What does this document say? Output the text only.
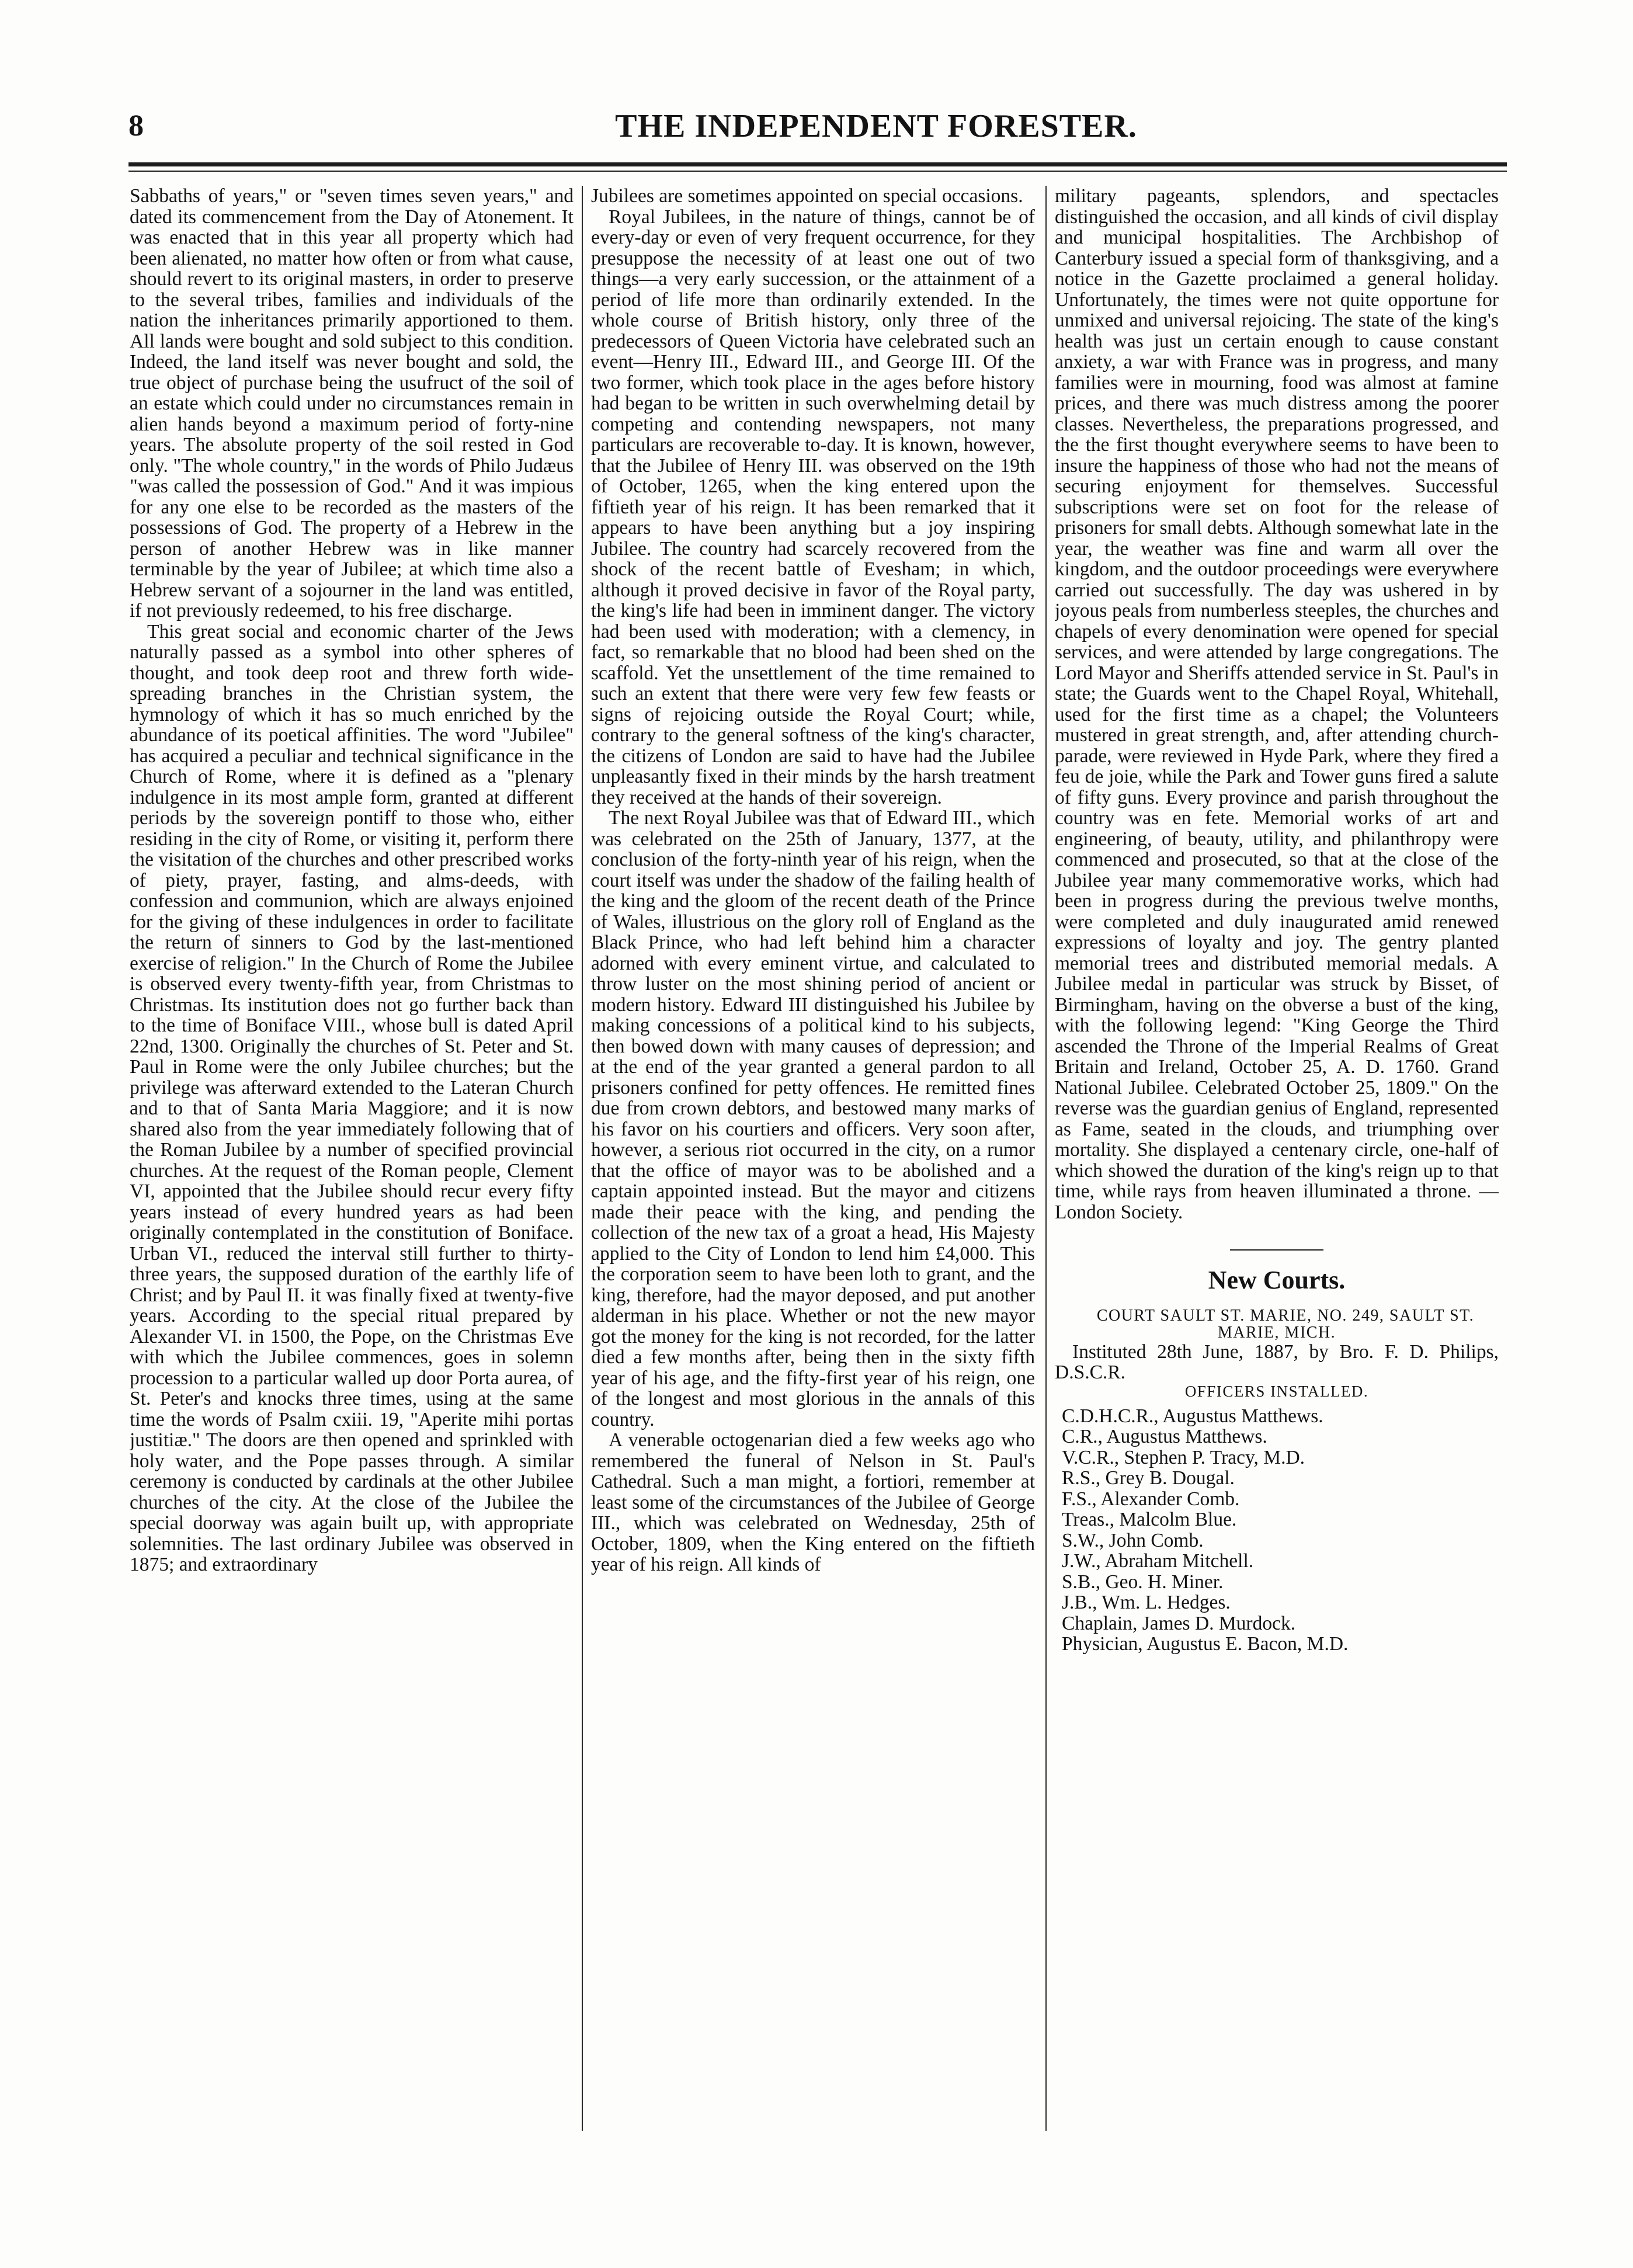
8	THE INDEPENDENT FORESTER.

Sabbaths of years," or "seven times seven years," and dated its commencement from the Day of Atonement. It was enacted that in this year all property which had been alienated, no matter how often or from what cause, should revert to its original masters, in order to preserve to the several tribes, families and individuals of the nation the inheritances primarily apportioned to them. All lands were bought and sold subject to this condition. Indeed, the land itself was never bought and sold, the true object of purchase being the usufruct of the soil of an estate which could under no circumstances remain in alien hands beyond a maximum period of forty-nine years. The absolute property of the soil rested in God only. "The whole country," in the words of Philo Judæus "was called the possession of God." And it was impious for any one else to be recorded as the masters of the possessions of God. The property of a Hebrew in the person of another Hebrew was in like manner terminable by the year of Jubilee; at which time also a Hebrew servant of a sojourner in the land was entitled, if not previously redeemed, to his free discharge.

This great social and economic charter of the Jews naturally passed as a symbol into other spheres of thought, and took deep root and threw forth wide-spreading branches in the Christian system, the hymnology of which it has so much enriched by the abundance of its poetical affinities. The word "Jubilee" has acquired a peculiar and technical significance in the Church of Rome, where it is defined as a "plenary indulgence in its most ample form, granted at different periods by the sovereign pontiff to those who, either residing in the city of Rome, or visiting it, perform there the visitation of the churches and other prescribed works of piety, prayer, fasting, and alms-deeds, with confession and communion, which are always enjoined for the giving of these indulgences in order to facilitate the return of sinners to God by the last-mentioned exercise of religion." In the Church of Rome the Jubilee is observed every twenty-fifth year, from Christmas to Christmas. Its institution does not go further back than to the time of Boniface VIII., whose bull is dated April 22nd, 1300. Originally the churches of St. Peter and St. Paul in Rome were the only Jubilee churches; but the privilege was afterward extended to the Lateran Church and to that of Santa Maria Maggiore; and it is now shared also from the year immediately following that of the Roman Jubilee by a number of specified provincial churches. At the request of the Roman people, Clement VI, appointed that the Jubilee should recur every fifty years instead of every hundred years as had been originally contemplated in the constitution of Boniface. Urban VI., reduced the interval still further to thirty-three years, the supposed duration of the earthly life of Christ; and by Paul II. it was finally fixed at twenty-five years. According to the special ritual prepared by Alexander VI. in 1500, the Pope, on the Christmas Eve with which the Jubilee commences, goes in solemn procession to a particular walled up door Porta aurea, of St. Peter's and knocks three times, using at the same time the words of Psalm cxiii. 19, "Aperite mihi portas justitiæ." The doors are then opened and sprinkled with holy water, and the Pope passes through. A similar ceremony is conducted by cardinals at the other Jubilee churches of the city. At the close of the Jubilee the special doorway was again built up, with appropriate solemnities. The last ordinary Jubilee was observed in 1875; and extraordinary

Jubilees are sometimes appointed on special occasions.

Royal Jubilees, in the nature of things, cannot be of every-day or even of very frequent occurrence, for they presuppose the necessity of at least one out of two things—a very early succession, or the attainment of a period of life more than ordinarily extended. In the whole course of British history, only three of the predecessors of Queen Victoria have celebrated such an event—Henry III., Edward III., and George III. Of the two former, which took place in the ages before history had began to be written in such overwhelming detail by competing and contending newspapers, not many particulars are recoverable to-day. It is known, however, that the Jubilee of Henry III. was observed on the 19th of October, 1265, when the king entered upon the fiftieth year of his reign. It has been remarked that it appears to have been anything but a joy inspiring Jubilee. The country had scarcely recovered from the shock of the recent battle of Evesham; in which, although it proved decisive in favor of the Royal party, the king's life had been in imminent danger. The victory had been used with moderation; with a clemency, in fact, so remarkable that no blood had been shed on the scaffold. Yet the unsettlement of the time remained to such an extent that there were very few few feasts or signs of rejoicing outside the Royal Court; while, contrary to the general softness of the king's character, the citizens of London are said to have had the Jubilee unpleasantly fixed in their minds by the harsh treatment they received at the hands of their sovereign.

The next Royal Jubilee was that of Edward III., which was celebrated on the 25th of January, 1377, at the conclusion of the forty-ninth year of his reign, when the court itself was under the shadow of the failing health of the king and the gloom of the recent death of the Prince of Wales, illustrious on the glory roll of England as the Black Prince, who had left behind him a character adorned with every eminent virtue, and calculated to throw luster on the most shining period of ancient or modern history. Edward III distinguished his Jubilee by making concessions of a political kind to his subjects, then bowed down with many causes of depression; and at the end of the year granted a general pardon to all prisoners confined for petty offences. He remitted fines due from crown debtors, and bestowed many marks of his favor on his courtiers and officers. Very soon after, however, a serious riot occurred in the city, on a rumor that the office of mayor was to be abolished and a captain appointed instead. But the mayor and citizens made their peace with the king, and pending the collection of the new tax of a groat a head, His Majesty applied to the City of London to lend him £4,000. This the corporation seem to have been loth to grant, and the king, therefore, had the mayor deposed, and put another alderman in his place. Whether or not the new mayor got the money for the king is not recorded, for the latter died a few months after, being then in the sixty fifth year of his age, and the fifty-first year of his reign, one of the longest and most glorious in the annals of this country.

A venerable octogenarian died a few weeks ago who remembered the funeral of Nelson in St. Paul's Cathedral. Such a man might, a fortiori, remember at least some of the circumstances of the Jubilee of George III., which was celebrated on Wednesday, 25th of October, 1809, when the King entered on the fiftieth year of his reign. All kinds of

military pageants, splendors, and spectacles distinguished the occasion, and all kinds of civil display and municipal hospitalities. The Archbishop of Canterbury issued a special form of thanksgiving, and a notice in the Gazette proclaimed a general holiday. Unfortunately, the times were not quite opportune for unmixed and universal rejoicing. The state of the king's health was just un certain enough to cause constant anxiety, a war with France was in progress, and many families were in mourning, food was almost at famine prices, and there was much distress among the poorer classes. Nevertheless, the preparations progressed, and the the first thought everywhere seems to have been to insure the happiness of those who had not the means of securing enjoyment for themselves. Successful subscriptions were set on foot for the release of prisoners for small debts. Although somewhat late in the year, the weather was fine and warm all over the kingdom, and the outdoor proceedings were everywhere carried out successfully. The day was ushered in by joyous peals from numberless steeples, the churches and chapels of every denomination were opened for special services, and were attended by large congregations. The Lord Mayor and Sheriffs attended service in St. Paul's in state; the Guards went to the Chapel Royal, Whitehall, used for the first time as a chapel; the Volunteers mustered in great strength, and, after attending church-parade, were reviewed in Hyde Park, where they fired a feu de joie, while the Park and Tower guns fired a salute of fifty guns. Every province and parish throughout the country was en fete. Memorial works of art and engineering, of beauty, utility, and philanthropy were commenced and prosecuted, so that at the close of the Jubilee year many commemorative works, which had been in progress during the previous twelve months, were completed and duly inaugurated amid renewed expressions of loyalty and joy. The gentry planted memorial trees and distributed memorial medals. A Jubilee medal in particular was struck by Bisset, of Birmingham, having on the obverse a bust of the king, with the following legend: "King George the Third ascended the Throne of the Imperial Realms of Great Britain and Ireland, October 25, A. D. 1760. Grand National Jubilee. Celebrated October 25, 1809." On the reverse was the guardian genius of England, represented as Fame, seated in the clouds, and triumphing over mortality. She displayed a centenary circle, one-half of which showed the duration of the king's reign up to that time, while rays from heaven illuminated a throne. — London Society.

New Courts.

COURT SAULT ST. MARIE, NO. 249, SAULT ST. MARIE, MICH.

Instituted 28th June, 1887, by Bro. F. D. Philips, D.S.C.R.

OFFICERS INSTALLED.
C.D.H.C.R., Augustus Matthews.
C.R., Augustus Matthews.
V.C.R., Stephen P. Tracy, M.D.
R.S., Grey B. Dougal.
F.S., Alexander Comb.
Treas., Malcolm Blue.
S.W., John Comb.
J.W., Abraham Mitchell.
S.B., Geo. H. Miner.
J.B., Wm. L. Hedges.
Chaplain, James D. Murdock.
Physician, Augustus E. Bacon, M.D.
